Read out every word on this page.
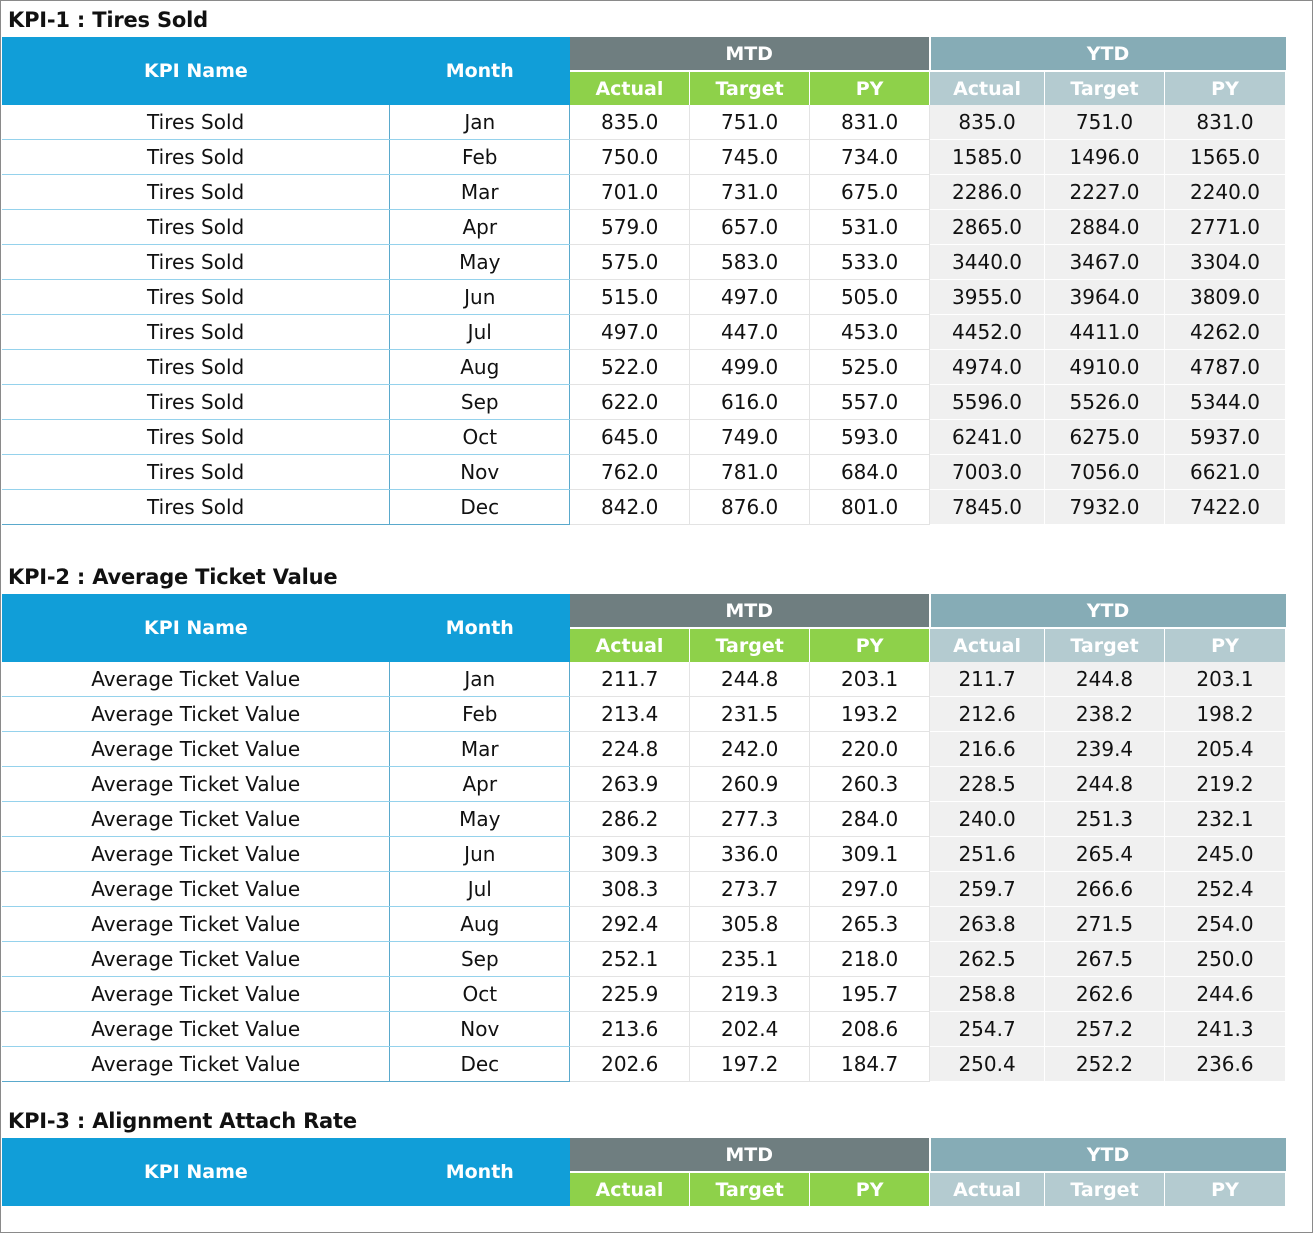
KPI-1 : Tires Sold
KPI Name	Month	MTD			YTD		
		Actual	Target	PY	Actual	Target	PY
Tires Sold	Jan	835.0	751.0	831.0	835.0	751.0	831.0
Tires Sold	Feb	750.0	745.0	734.0	1585.0	1496.0	1565.0
Tires Sold	Mar	701.0	731.0	675.0	2286.0	2227.0	2240.0
Tires Sold	Apr	579.0	657.0	531.0	2865.0	2884.0	2771.0
Tires Sold	May	575.0	583.0	533.0	3440.0	3467.0	3304.0
Tires Sold	Jun	515.0	497.0	505.0	3955.0	3964.0	3809.0
Tires Sold	Jul	497.0	447.0	453.0	4452.0	4411.0	4262.0
Tires Sold	Aug	522.0	499.0	525.0	4974.0	4910.0	4787.0
Tires Sold	Sep	622.0	616.0	557.0	5596.0	5526.0	5344.0
Tires Sold	Oct	645.0	749.0	593.0	6241.0	6275.0	5937.0
Tires Sold	Nov	762.0	781.0	684.0	7003.0	7056.0	6621.0
Tires Sold	Dec	842.0	876.0	801.0	7845.0	7932.0	7422.0
KPI-2 : Average Ticket Value
KPI Name	Month	MTD			YTD		
		Actual	Target	PY	Actual	Target	PY
Average Ticket Value	Jan	211.7	244.8	203.1	211.7	244.8	203.1
Average Ticket Value	Feb	213.4	231.5	193.2	212.6	238.2	198.2
Average Ticket Value	Mar	224.8	242.0	220.0	216.6	239.4	205.4
Average Ticket Value	Apr	263.9	260.9	260.3	228.5	244.8	219.2
Average Ticket Value	May	286.2	277.3	284.0	240.0	251.3	232.1
Average Ticket Value	Jun	309.3	336.0	309.1	251.6	265.4	245.0
Average Ticket Value	Jul	308.3	273.7	297.0	259.7	266.6	252.4
Average Ticket Value	Aug	292.4	305.8	265.3	263.8	271.5	254.0
Average Ticket Value	Sep	252.1	235.1	218.0	262.5	267.5	250.0
Average Ticket Value	Oct	225.9	219.3	195.7	258.8	262.6	244.6
Average Ticket Value	Nov	213.6	202.4	208.6	254.7	257.2	241.3
Average Ticket Value	Dec	202.6	197.2	184.7	250.4	252.2	236.6
KPI-3 : Alignment Attach Rate
KPI Name	Month	MTD			YTD		
		Actual	Target	PY	Actual	Target	PY
